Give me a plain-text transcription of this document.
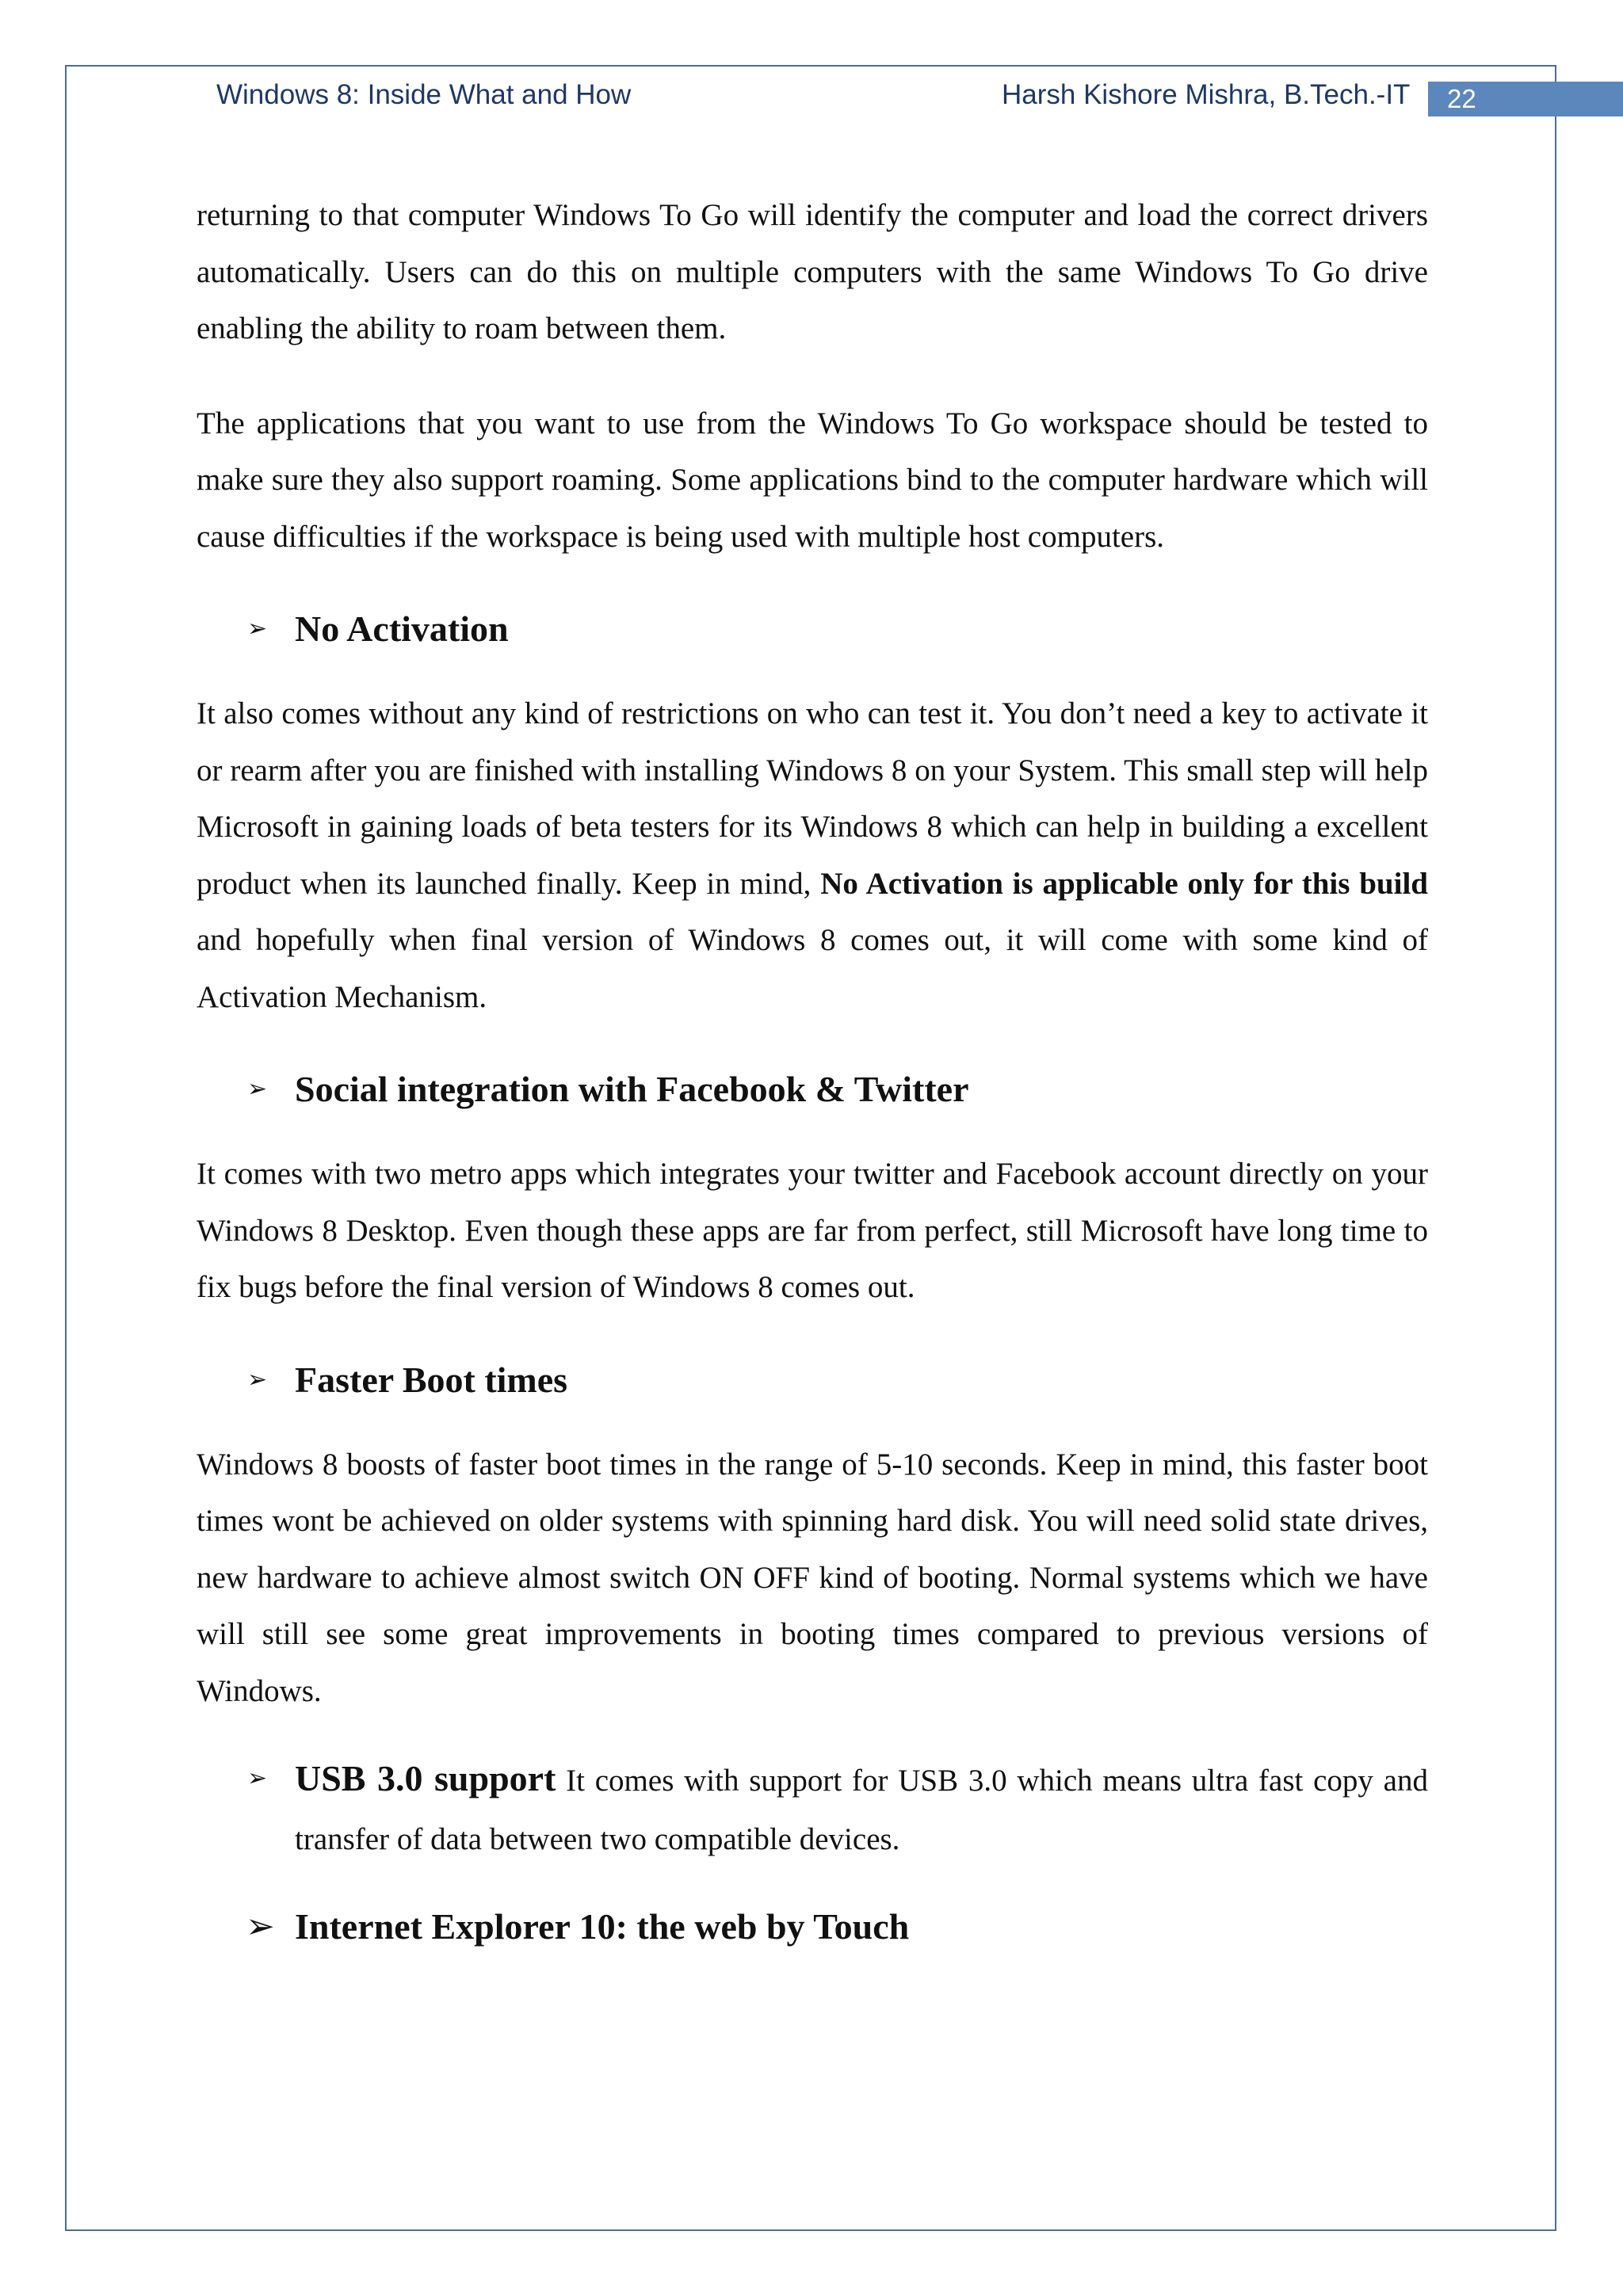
Windows 8: Inside What and How	Harsh Kishore Mishra, B.Tech.-IT	22

returning to that computer Windows To Go will identify the computer and load the correct drivers automatically. Users can do this on multiple computers with the same Windows To Go drive enabling the ability to roam between them.

The applications that you want to use from the Windows To Go workspace should be tested to make sure they also support roaming. Some applications bind to the computer hardware which will cause difficulties if the workspace is being used with multiple host computers.

➢ No Activation

It also comes without any kind of restrictions on who can test it. You don’t need a key to activate it or rearm after you are finished with installing Windows 8 on your System. This small step will help Microsoft in gaining loads of beta testers for its Windows 8 which can help in building a excellent product when its launched finally. Keep in mind, No Activation is applicable only for this build and hopefully when final version of Windows 8 comes out, it will come with some kind of Activation Mechanism.

➢ Social integration with Facebook & Twitter

It comes with two metro apps which integrates your twitter and Facebook account directly on your Windows 8 Desktop. Even though these apps are far from perfect, still Microsoft have long time to fix bugs before the final version of Windows 8 comes out.

➢ Faster Boot times

Windows 8 boosts of faster boot times in the range of 5-10 seconds. Keep in mind, this faster boot times wont be achieved on older systems with spinning hard disk. You will need solid state drives, new hardware to achieve almost switch ON OFF kind of booting. Normal systems which we have will still see some great improvements in booting times compared to previous versions of Windows.

➢ USB 3.0 support It comes with support for USB 3.0 which means ultra fast copy and transfer of data between two compatible devices.
➢ Internet Explorer 10: the web by Touch
